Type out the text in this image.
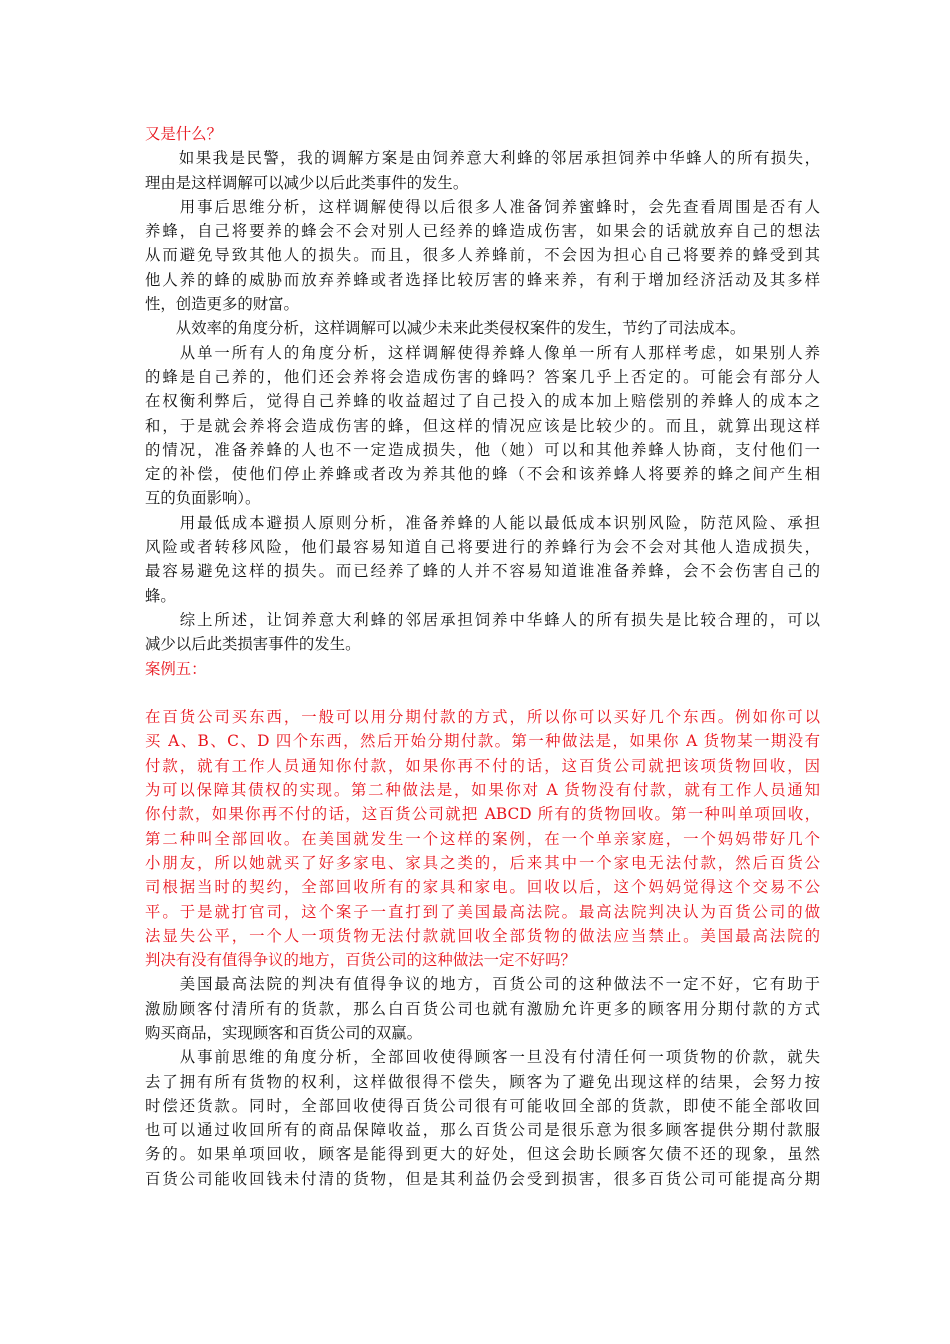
又是什么？
　　如果我是民警，我的调解方案是由饲养意大利蜂的邻居承担饲养中华蜂人的所有损失，
理由是这样调解可以减少以后此类事件的发生。
　　用事后思维分析，这样调解使得以后很多人准备饲养蜜蜂时，会先查看周围是否有人
养蜂，自己将要养的蜂会不会对别人已经养的蜂造成伤害，如果会的话就放弃自己的想法
从而避免导致其他人的损失。而且，很多人养蜂前，不会因为担心自己将要养的蜂受到其
他人养的蜂的威胁而放弃养蜂或者选择比较厉害的蜂来养，有利于增加经济活动及其多样
性，创造更多的财富。
　　从效率的角度分析，这样调解可以减少未来此类侵权案件的发生，节约了司法成本。
　　从单一所有人的角度分析，这样调解使得养蜂人像单一所有人那样考虑，如果别人养
的蜂是自己养的，他们还会养将会造成伤害的蜂吗？答案几乎上否定的。可能会有部分人
在权衡利弊后，觉得自己养蜂的收益超过了自己投入的成本加上赔偿别的养蜂人的成本之
和，于是就会养将会造成伤害的蜂，但这样的情况应该是比较少的。而且，就算出现这样
的情况，准备养蜂的人也不一定造成损失，他（她）可以和其他养蜂人协商，支付他们一
定的补偿，使他们停止养蜂或者改为养其他的蜂（不会和该养蜂人将要养的蜂之间产生相
互的负面影响）。
　　用最低成本避损人原则分析，准备养蜂的人能以最低成本识别风险，防范风险、承担
风险或者转移风险，他们最容易知道自己将要进行的养蜂行为会不会对其他人造成损失，
最容易避免这样的损失。而已经养了蜂的人并不容易知道谁准备养蜂，会不会伤害自己的
蜂。
　　综上所述，让饲养意大利蜂的邻居承担饲养中华蜂人的所有损失是比较合理的，可以
减少以后此类损害事件的发生。
案例五：
在百货公司买东西，一般可以用分期付款的方式，所以你可以买好几个东西。例如你可以
买 A、B、C、D 四个东西，然后开始分期付款。第一种做法是，如果你 A 货物某一期没有
付款，就有工作人员通知你付款，如果你再不付的话，这百货公司就把该项货物回收，因
为可以保障其债权的实现。第二种做法是，如果你对 A 货物没有付款，就有工作人员通知
你付款，如果你再不付的话，这百货公司就把 ABCD 所有的货物回收。第一种叫单项回收，
第二种叫全部回收。在美国就发生一个这样的案例，在一个单亲家庭，一个妈妈带好几个
小朋友，所以她就买了好多家电、家具之类的，后来其中一个家电无法付款，然后百货公
司根据当时的契约，全部回收所有的家具和家电。回收以后，这个妈妈觉得这个交易不公
平。于是就打官司，这个案子一直打到了美国最高法院。最高法院判决认为百货公司的做
法显失公平，一个人一项货物无法付款就回收全部货物的做法应当禁止。美国最高法院的
判决有没有值得争议的地方，百货公司的这种做法一定不好吗？
　　美国最高法院的判决有值得争议的地方，百货公司的这种做法不一定不好，它有助于
激励顾客付清所有的货款，那么白百货公司也就有激励允许更多的顾客用分期付款的方式
购买商品，实现顾客和百货公司的双赢。
　　从事前思维的角度分析，全部回收使得顾客一旦没有付清任何一项货物的价款，就失
去了拥有所有货物的权利，这样做很得不偿失，顾客为了避免出现这样的结果，会努力按
时偿还货款。同时，全部回收使得百货公司很有可能收回全部的货款，即使不能全部收回
也可以通过收回所有的商品保障收益，那么百货公司是很乐意为很多顾客提供分期付款服
务的。如果单项回收，顾客是能得到更大的好处，但这会助长顾客欠债不还的现象，虽然
百货公司能收回钱未付清的货物，但是其利益仍会受到损害，很多百货公司可能提高分期
